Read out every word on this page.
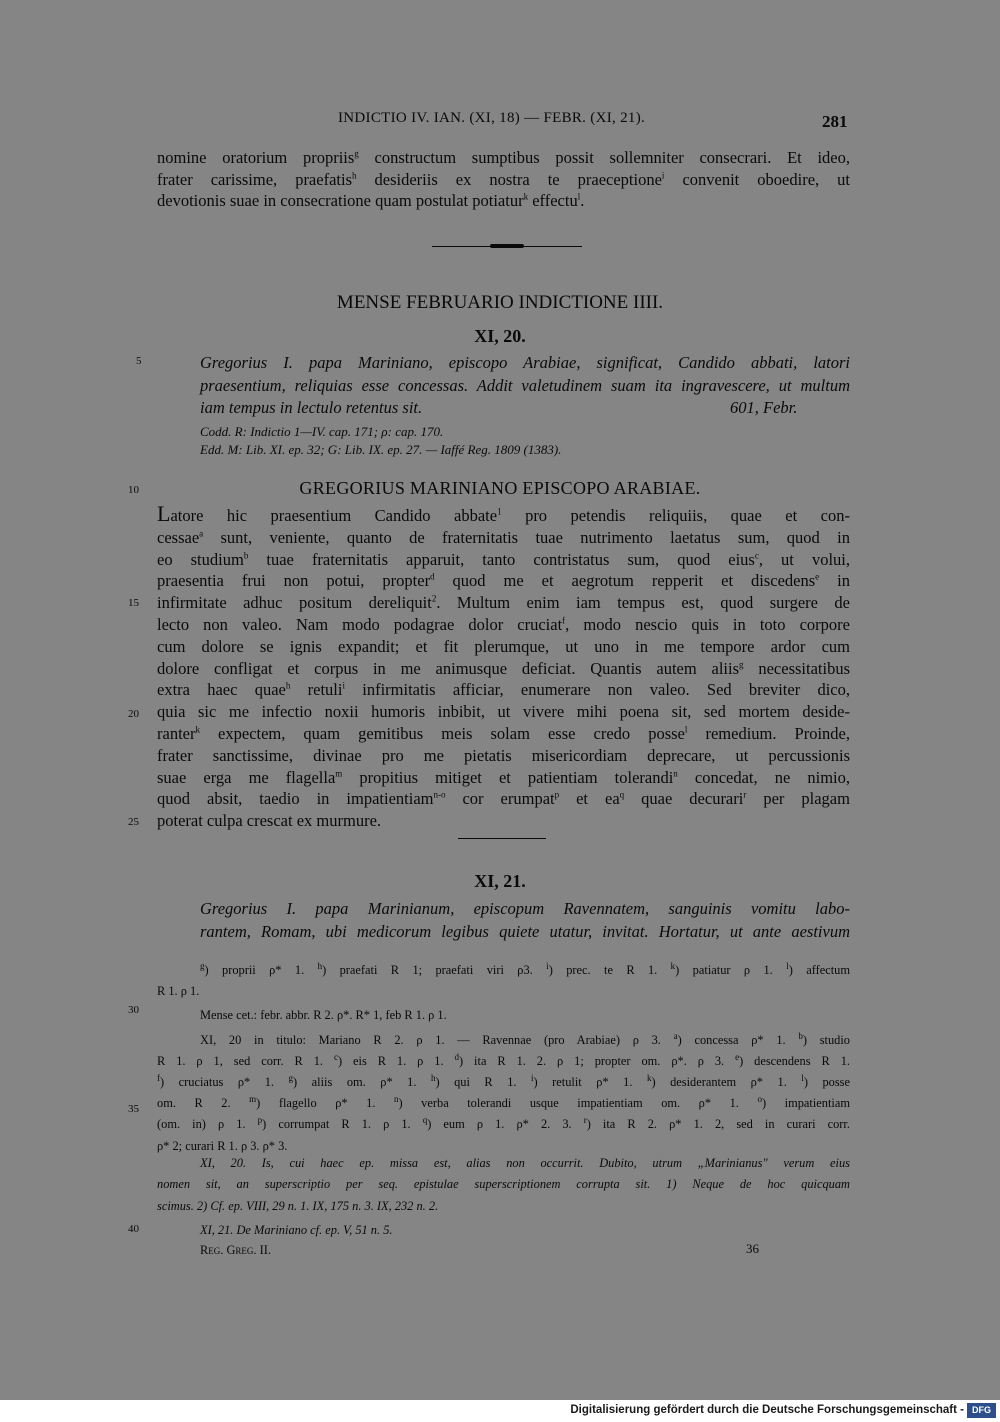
INDICTIO IV. IAN. (XI, 18) — FEBR. (XI, 21).	281
nomine oratorium propriis$^g$ constructum sumptibus possit sollemniter consecrari. Et ideo,
frater carissime, praefatis$^h$ desideriis ex nostra te praeceptione$^i$ convenit oboedire, ut
devotionis suae in consecratione quam postulat potiatur$^k$ effectu$^l$.
MENSE FEBRUARIO INDICTIONE IIII.
XI, 20.
Gregorius I. papa Mariniano, episcopo Arabiae, significat, Candido abbati, latori
praesentium, reliquias esse concessas. Addit valetudinem suam ita ingravescere, ut multum
iam tempus in lectulo retentus sit.	601, Febr.
Codd. R: Indictio 1—IV. cap. 171; ρ: cap. 170.
Edd. M: Lib. XI. ep. 32; G: Lib. IX. ep. 27. — Iaffé Reg. 1809 (1383).
GREGORIUS MARINIANO EPISCOPO ARABIAE.
Latore hic praesentium Candido abbate$^1$ pro petendis reliquiis, quae et con-
cessae$^a$ sunt, veniente, quanto de fraternitatis tuae nutrimento laetatus sum, quod in
eo studium$^b$ tuae fraternitatis apparuit, tanto contristatus sum, quod eius$^c$, ut volui,
praesentia frui non potui, propter$^d$ quod me et aegrotum repperit et discedens$^e$ in
infirmitate adhuc positum dereliquit$^2$. Multum enim iam tempus est, quod surgere de
lecto non valeo. Nam modo podagrae dolor cruciat$^f$, modo nescio quis in toto corpore
cum dolore se ignis expandit; et fit plerumque, ut uno in me tempore ardor cum
dolore confligat et corpus in me animusque deficiat. Quantis autem aliis$^g$ necessitatibus
extra haec quae$^h$ retuli$^i$ infirmitatis afficiar, enumerare non valeo. Sed breviter dico,
quia sic me infectio noxii humoris inbibit, ut vivere mihi poena sit, sed mortem deside-
ranter$^k$ expectem, quam gemitibus meis solam esse credo posse$^l$ remedium. Proinde,
frater sanctissime, divinae pro me pietatis misericordiam deprecare, ut percussionis
suae erga me flagella$^m$ propitius mitiget et patientiam tolerandi$^n$ concedat, ne nimio,
quod absit, taedio in impatientiam$^{n-o}$ cor erumpat$^p$ et $ea^q$ quae decurari$^r$ per plagam
poterat culpa crescat ex murmure.
XI, 21.
Gregorius I. papa Marinianum, episcopum Ravennatem, sanguinis vomitu labo-
rantem, Romam, ubi medicorum legibus quiete utatur, invitat. Hortatur, ut ante aestivum
$^g$) proprii ρ* 1. $^h$) praefati R 1; praefati viri ρ3. $^i$) prec. te R 1. $^k$) patiatur ρ 1. $^l$) affectum
R 1. ρ 1.
Mense cet.: febr. abbr. R 2. ρ*. R* 1, feb R 1. ρ 1.
XI, 20 in titulo: Mariano R 2. ρ 1. — Ravennae (pro Arabiae) ρ 3. $^a$) concessa ρ* 1. $^b$) studio
R 1. ρ 1, sed corr. R 1. $^c$) eis R 1. ρ 1. $^d$) ita R 1. 2. ρ 1; propter om. ρ*. ρ 3. $^e$) descendens R 1.
$^f$) cruciatus ρ* 1. $^g$) aliis om. ρ* 1. $^h$) qui R 1. $^i$) retulit ρ* 1. $^k$) desiderantem ρ* 1. $^l$) posse
om. R 2. $^m$) flagello ρ* 1. $^n$) verba tolerandi usque impatientiam om. ρ* 1. $^o$) impatientiam
(om. in) ρ 1. $^p$) corrumpat R 1. ρ 1. $^q$) eum ρ 1. ρ* 2. 3. $^r$) ita R 2. ρ* 1. 2, sed in curari corr.
ρ* 2; curari R 1. ρ 3. ρ* 3.
XI, 20. Is, cui haec ep. missa est, alias non occurrit. Dubito, utrum „Marinianus" verum eius
nomen sit, an superscriptio per seq. epistulae superscriptionem corrupta sit. 1) Neque de hoc quicquam
scimus. 2) Cf. ep. VIII, 29 n. 1. IX, 175 n. 3. IX, 232 n. 2.
XI, 21. De Mariniano cf. ep. V, 51 n. 5.
Reg. Greg. II.	36
5
10
15
20
25
30
35
40
Digitalisierung gefördert durch die Deutsche Forschungsgemeinschaft - DFG
